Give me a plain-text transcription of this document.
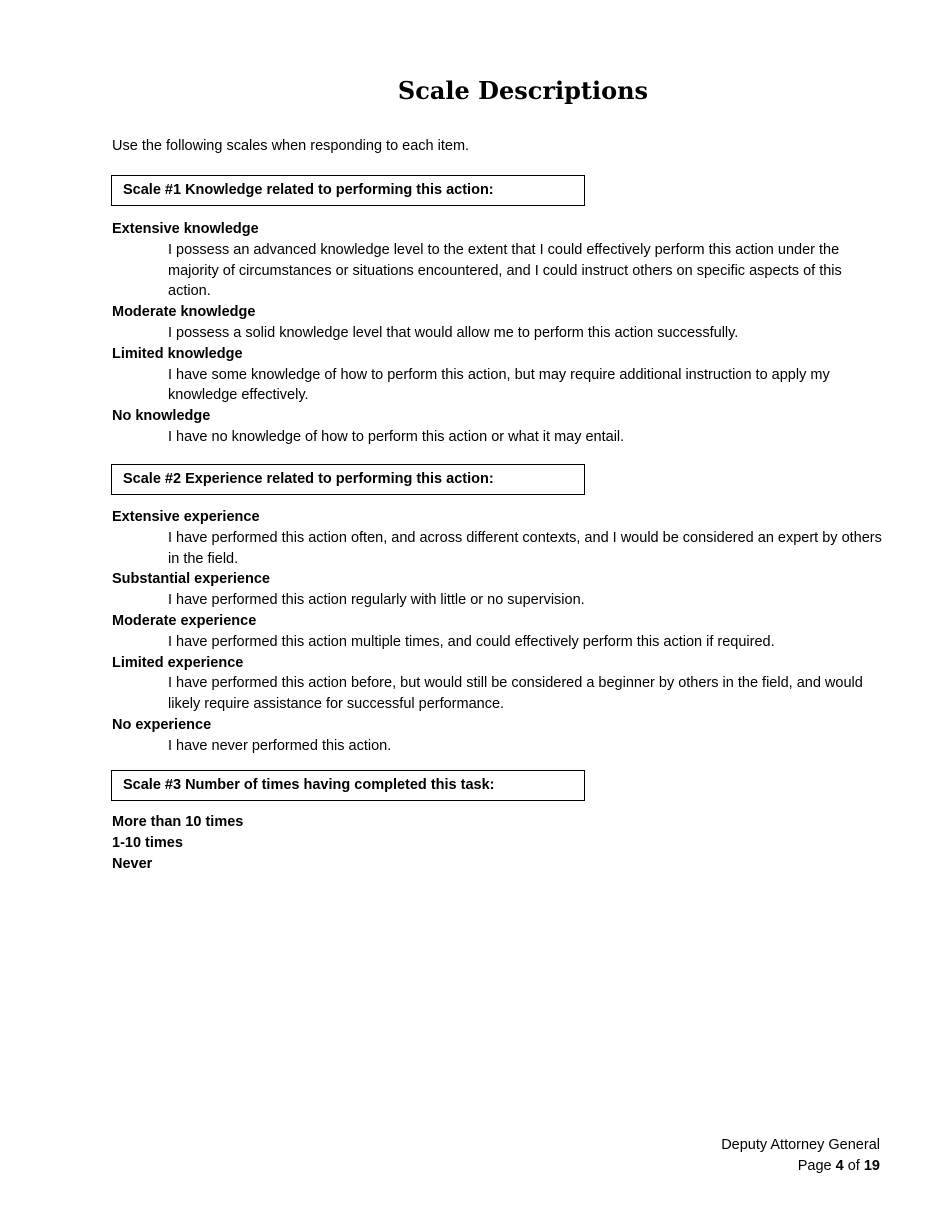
Scale Descriptions

Use the following scales when responding to each item.

Scale #1 Knowledge related to performing this action:

Extensive knowledge

I possess an advanced knowledge level to the extent that I could effectively perform this action under the majority of circumstances or situations encountered, and I could instruct others on specific aspects of this action.

Moderate knowledge

I possess a solid knowledge level that would allow me to perform this action successfully.

Limited knowledge

I have some knowledge of how to perform this action, but may require additional instruction to apply my knowledge effectively.

No knowledge

I have no knowledge of how to perform this action or what it may entail.

Scale #2 Experience related to performing this action:

Extensive experience

I have performed this action often, and across different contexts, and I would be considered an expert by others in the field.

Substantial experience

I have performed this action regularly with little or no supervision.

Moderate experience

I have performed this action multiple times, and could effectively perform this action if required.

Limited experience

I have performed this action before, but would still be considered a beginner by others in the field, and would likely require assistance for successful performance.

No experience

I have never performed this action.

Scale #3 Number of times having completed this task:
More than 10 times
1-10 times
Never
Deputy Attorney General
Page 4 of 19
